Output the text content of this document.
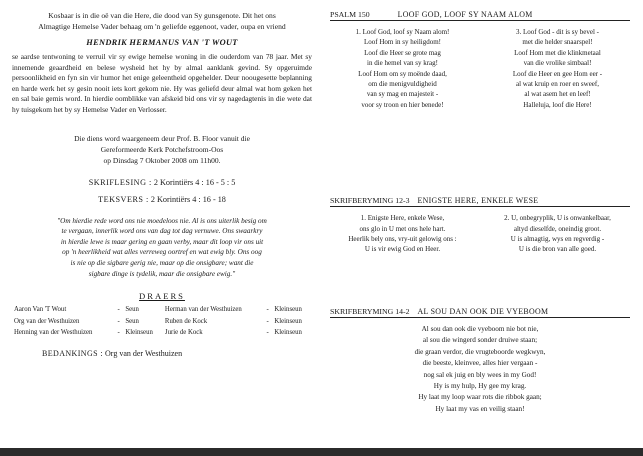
Kosbaar is in die oë van die Here, die dood van Sy gunsgenote. Dit het ons

Almagtige Hemelse Vader behaag om 'n geliefde eggenoot, vader, oupa en vriend

HENDRIK HERMANUS VAN 'T WOUT

se aardse tentwoning te verruil vir sy ewige hemelse woning in die ouderdom van 78 jaar. Met sy innemende geaardheid en belese wysheid het hy by almal aanklank gevind. Sy opgeruimde persoonlikheid en fyn sin vir humor het enige geleentheid opgehelder. Deur noougesette beplanning en harde werk het sy gesin nooit iets kort gekom nie. Hy was geliefd deur almal wat hom geken het en sal baie gemis word. In hierdie oomblikke van afskeid bid ons vir sy nagedagtenis in die wete dat hy tuisgekom het by sy Hemelse Vader en Verlosser.

Die diens word waargeneem deur Prof. B. Floor vanuit die

Gereformeerde Kerk Potchefstroom-Oos

op Dinsdag 7 Oktober 2008 om 11h00.

SKRIFLESING : 2 Korintiërs 4 : 16 - 5 : 5

TEKSVERS : 2 Korintiërs 4 : 16 - 18

"Om hierdie rede word ons nie moedeloos nie. Al is ons uiterlik besig om

te vergaan, innerlik word ons van dag tot dag vernuwe. Ons swaarkry

in hierdie lewe is maar gering en gaan verby, maar dit loop vir ons uit

op 'n heerlikheid wat alles verreweg oortref en wat ewig bly. Ons oog

is nie op die sigbare gerig nie, maar op die onsigbare; want die

sigbare dinge is tydelik, maar die onsigbare ewig."

DRAERS

Aaron Van 'T Wout	-	Seun	Herman van der Westhuizen	-	Kleinseun
Org van der Westhuizen	-	Seun	Ruben de Kock	-	Kleinseun
Henning van der Westhuizen	-	Kleinseun	Jurie de Kock	-	Kleinseun

BEDANKINGS : Org van der Westhuizen

PSALM 150	LOOF GOD, LOOF SY NAAM ALOM
1. Loof God, loof sy Naam alom!
Loof Hom in sy heiligdom!
Loof die Heer se grote mag
in die hemel van sy krag!
Loof Hom om sy moënde daad,
om die menigvuldigheid
van sy mag en majesteit -
voor sy troon en hier benede!
3. Loof God - dit is sy bevel -
met die helder snaarspel!
Loof Hom met die klinkmetaal
van die vrolike simbaal!
Loof die Heer en gee Hom eer -
al wat kruip en roer en sweef,
al wat asem het en leef!
Halleluja, loof die Here!
SKRIFBERYMING 12-3 ENIGSTE HERE, ENKELE WESE
1. Enigste Here, enkele Wese,
ons glo in U met ons hele hart.
Heerlik bely ons, vry-uit gelowig ons :
U is vir ewig God en Heer.
2. U, onbegryplik, U is onwankelbaar,
altyd dieselfde, oneindig groot.
U is almagtig, wys en regverdig -
U is die bron van alle goed.
SKRIFBERYMING 14-2 AL SOU DAN OOK DIE VYEBOOM
Al sou dan ook die vyeboom nie bot nie,
al sou die wingerd sonder druiwe staan;
die graan verdor, die vrugteboorde wegkwyn,
die beeste, kleinvee, alles hier vergaan -
nog sal ek juig en bly wees in my God!
Hy is my hulp, Hy gee my krag.
Hy laat my loop waar rots die ribbok gaan;
Hy laat my vas en veilig staan!
